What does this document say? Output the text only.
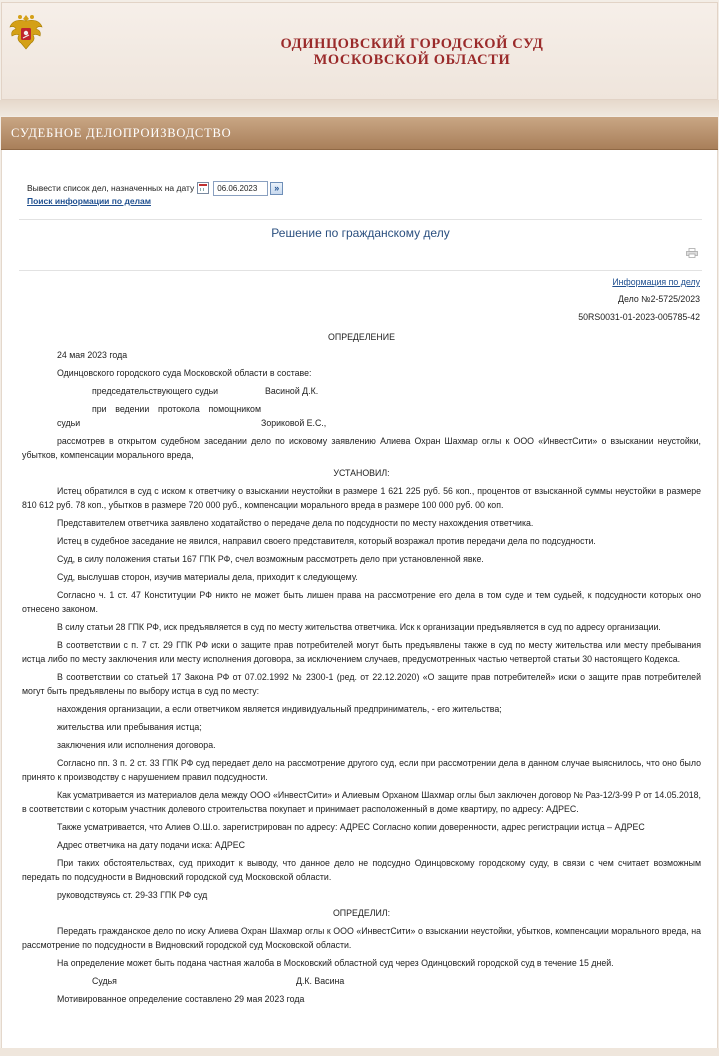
ОДИНЦОВСКИЙ ГОРОДСКОЙ СУД
МОСКОВСКОЙ ОБЛАСТИ
СУДЕБНОЕ ДЕЛОПРОИЗВОДСТВО
Вывести список дел, назначенных на дату
06.06.2023	»
Поиск информации по делам
Решение по гражданскому делу
Информация по делу
Дело №2-5725/2023
50RS0031-01-2023-005785-42

ОПРЕДЕЛЕНИЕ

24 мая 2023 года

Одинцовского городского суда Московской области в составе:

председательствующего судьи	Васиной Д.К.

при ведении протокола помощником судьи	Зориковой Е.С.,

рассмотрев в открытом судебном заседании дело по исковому заявлению Алиева Охран Шахмар оглы к ООО «ИнвестСити» о взыскании неустойки, убытков, компенсации морального вреда,

УСТАНОВИЛ:

Истец обратился в суд с иском к ответчику о взыскании неустойки в размере 1 621 225 руб. 56 коп., процентов от взысканной суммы неустойки в размере 810 612 руб. 78 коп., убытков в размере 720 000 руб., компенсации морального вреда в размере 100 000 руб. 00 коп.

Представителем ответчика заявлено ходатайство о передаче дела по подсудности по месту нахождения ответчика.

Истец в судебное заседание не явился, направил своего представителя, который возражал против передачи дела по подсудности.

Суд, в силу положения статьи 167 ГПК РФ, счел возможным рассмотреть дело при установленной явке.

Суд, выслушав сторон, изучив материалы дела, приходит к следующему.

Согласно ч. 1 ст. 47 Конституции РФ никто не может быть лишен права на рассмотрение его дела в том суде и тем судьей, к подсудности которых оно отнесено законом.

В силу статьи 28 ГПК РФ, иск предъявляется в суд по месту жительства ответчика. Иск к организации предъявляется в суд по адресу организации.

В соответствии с п. 7 ст. 29 ГПК РФ иски о защите прав потребителей могут быть предъявлены также в суд по месту жительства или месту пребывания истца либо по месту заключения или месту исполнения договора, за исключением случаев, предусмотренных частью четвертой статьи 30 настоящего Кодекса.

В соответствии со статьей 17 Закона РФ от 07.02.1992 № 2300-1 (ред. от 22.12.2020) «О защите прав потребителей» иски о защите прав потребителей могут быть предъявлены по выбору истца в суд по месту:

нахождения организации, а если ответчиком является индивидуальный предприниматель, - его жительства;

жительства или пребывания истца;

заключения или исполнения договора.

Согласно пп. 3 п. 2 ст. 33 ГПК РФ суд передает дело на рассмотрение другого суд, если при рассмотрении дела в данном случае выяснилось, что оно было принято к производству с нарушением правил подсудности.

Как усматривается из материалов дела между ООО «ИнвестСити» и Алиевым Орханом Шахмар оглы был заключен договор № Раз-12/3-99 Р от 14.05.2018, в соответствии с которым участник долевого строительства покупает и принимает расположенный в доме квартиру, по адресу: АДРЕС.

Также усматривается, что Алиев О.Ш.о. зарегистрирован по адресу: АДРЕС Согласно копии доверенности, адрес регистрации истца – АДРЕС

Адрес ответчика на дату подачи иска: АДРЕС

При таких обстоятельствах, суд приходит к выводу, что данное дело не подсудно Одинцовскому городскому суду, в связи с чем считает возможным передать по подсудности в Видновский городской суд Московской области.

руководствуясь ст. 29-33 ГПК РФ суд

ОПРЕДЕЛИЛ:

Передать гражданское дело по иску Алиева Охран Шахмар оглы к ООО «ИнвестСити» о взыскании неустойки, убытков, компенсации морального вреда, на рассмотрение по подсудности в Видновский городской суд Московской области.

На определение может быть подана частная жалоба в Московский областной суд через Одинцовский городской суд в течение 15 дней.

Судья	Д.К. Васина

Мотивированное определение составлено 29 мая 2023 года
